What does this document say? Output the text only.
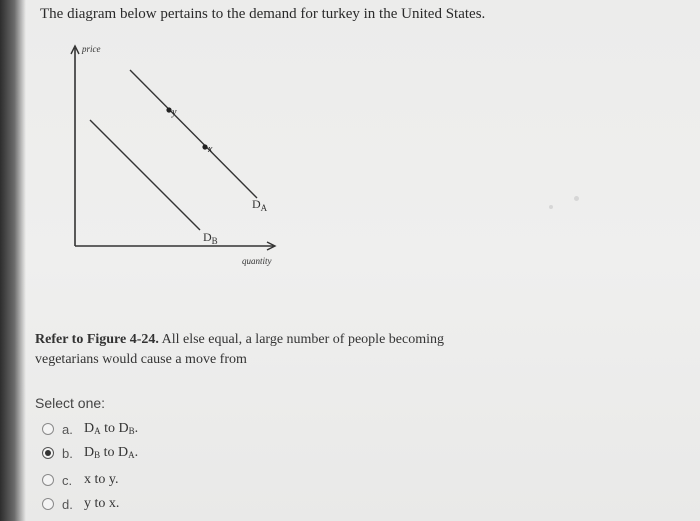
The diagram below pertains to the demand for turkey in the United States.
price
quantity
$D_A$
$D_B$
y
x
Refer to Figure 4-24. All else equal, a large number of people becoming vegetarians would cause a move from
Select one:
a. $D_A$ to $D_B$.
b. $D_B$ to $D_A$.
c. x to y.
d. y to x.
